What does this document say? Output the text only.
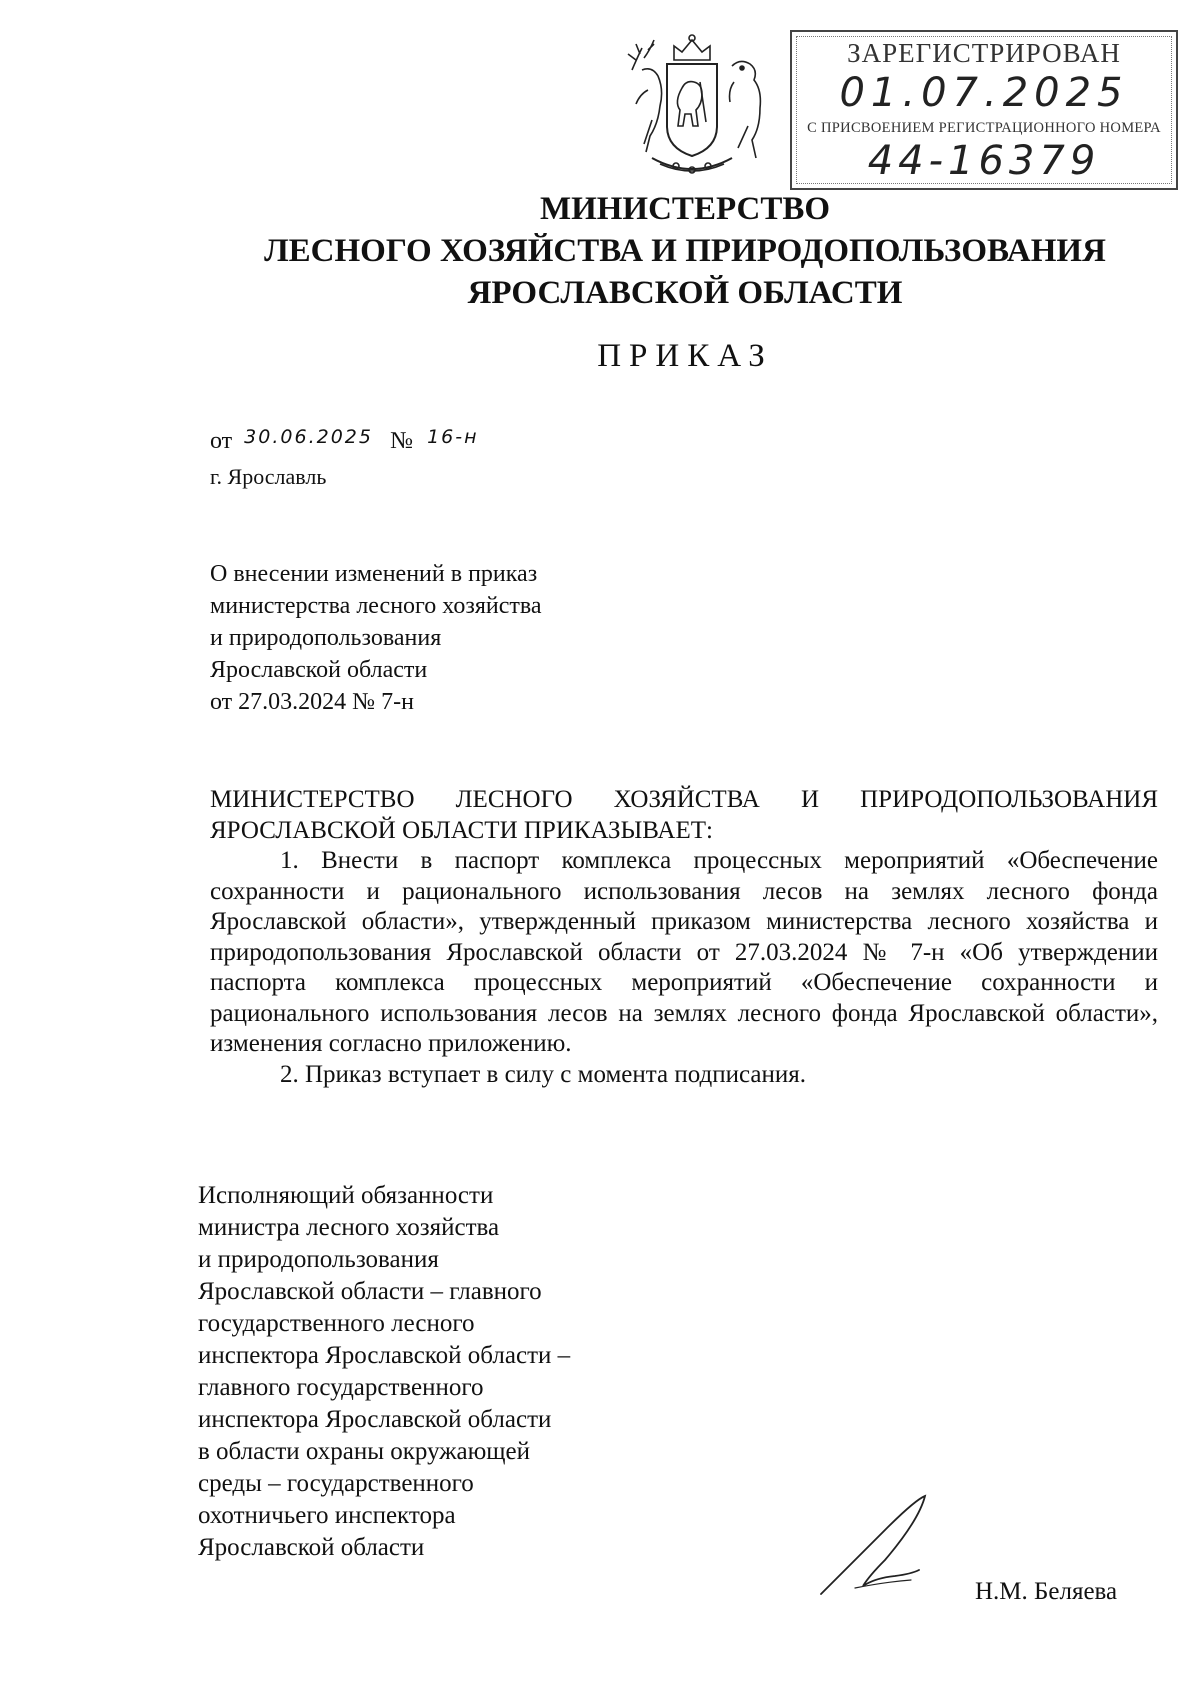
ЗАРЕГИСТРИРОВАН
01.07.2025
С ПРИСВОЕНИЕМ РЕГИСТРАЦИОННОГО НОМЕРА
44-16379
МИНИСТЕРСТВО
ЛЕСНОГО ХОЗЯЙСТВА И ПРИРОДОПОЛЬЗОВАНИЯ
ЯРОСЛАВСКОЙ ОБЛАСТИ
ПРИКАЗ
от 30.06.2025 № 16-н
г. Ярославль
О внесении изменений в приказ
министерства лесного хозяйства
и природопользования
Ярославской области
от 27.03.2024 № 7-н

МИНИСТЕРСТВО ЛЕСНОГО ХОЗЯЙСТВА И ПРИРОДОПОЛЬЗОВАНИЯ ЯРОСЛАВСКОЙ ОБЛАСТИ ПРИКАЗЫВАЕТ:

1. Внести в паспорт комплекса процессных мероприятий «Обеспечение сохранности и рационального использования лесов на землях лесного фонда Ярославской области», утвержденный приказом министерства лесного хозяйства и природопользования Ярославской области от 27.03.2024 № 7-н «Об утверждении паспорта комплекса процессных мероприятий «Обеспечение сохранности и рационального использования лесов на землях лесного фонда Ярославской области», изменения согласно приложению.

2. Приказ вступает в силу с момента подписания.

Исполняющий обязанности
министра лесного хозяйства
и природопользования
Ярославской области – главного
государственного лесного
инспектора Ярославской области –
главного государственного
инспектора Ярославской области
в области охраны окружающей
среды – государственного
охотничьего инспектора
Ярославской области
Н.М. Беляева
